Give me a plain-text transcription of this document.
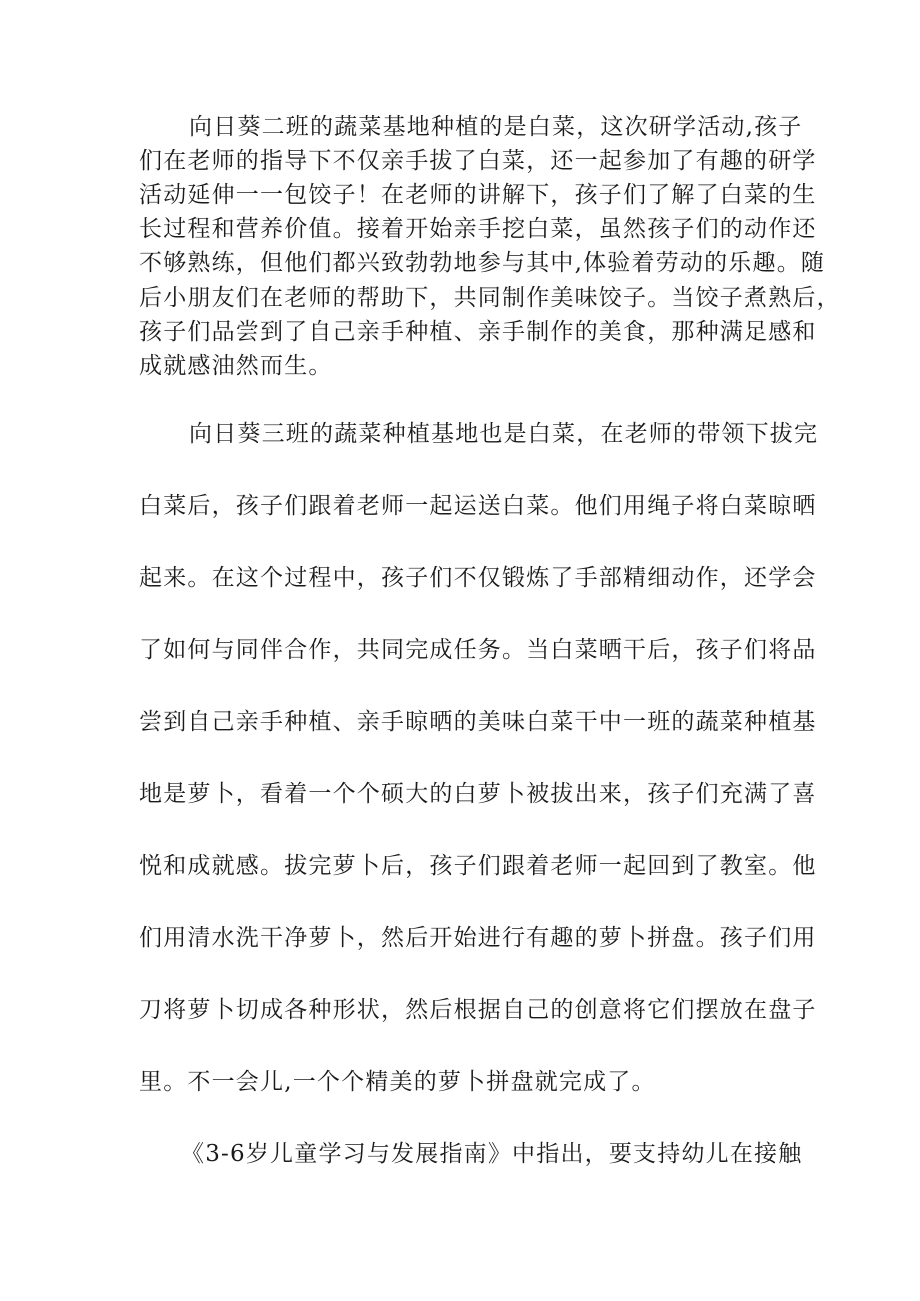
向日葵二班的蔬菜基地种植的是白菜，这次研学活动,孩子
们在老师的指导下不仅亲手拔了白菜，还一起参加了有趣的研学
活动延伸一一包饺子！在老师的讲解下，孩子们了解了白菜的生
长过程和营养价值。接着开始亲手挖白菜，虽然孩子们的动作还
不够熟练，但他们都兴致勃勃地参与其中,体验着劳动的乐趣。随
后小朋友们在老师的帮助下，共同制作美味饺子。当饺子煮熟后，
孩子们品尝到了自己亲手种植、亲手制作的美食，那种满足感和
成就感油然而生。
向日葵三班的蔬菜种植基地也是白菜，在老师的带领下拔完
白菜后，孩子们跟着老师一起运送白菜。他们用绳子将白菜晾晒
起来。在这个过程中，孩子们不仅锻炼了手部精细动作，还学会
了如何与同伴合作，共同完成任务。当白菜晒干后，孩子们将品
尝到自己亲手种植、亲手晾晒的美味白菜干中一班的蔬菜种植基
地是萝卜，看着一个个硕大的白萝卜被拔出来，孩子们充满了喜
悦和成就感。拔完萝卜后，孩子们跟着老师一起回到了教室。他
们用清水洗干净萝卜，然后开始进行有趣的萝卜拼盘。孩子们用
刀将萝卜切成各种形状，然后根据自己的创意将它们摆放在盘子
里。不一会儿,一个个精美的萝卜拼盘就完成了。
《3-6岁儿童学习与发展指南》中指出，要支持幼儿在接触
